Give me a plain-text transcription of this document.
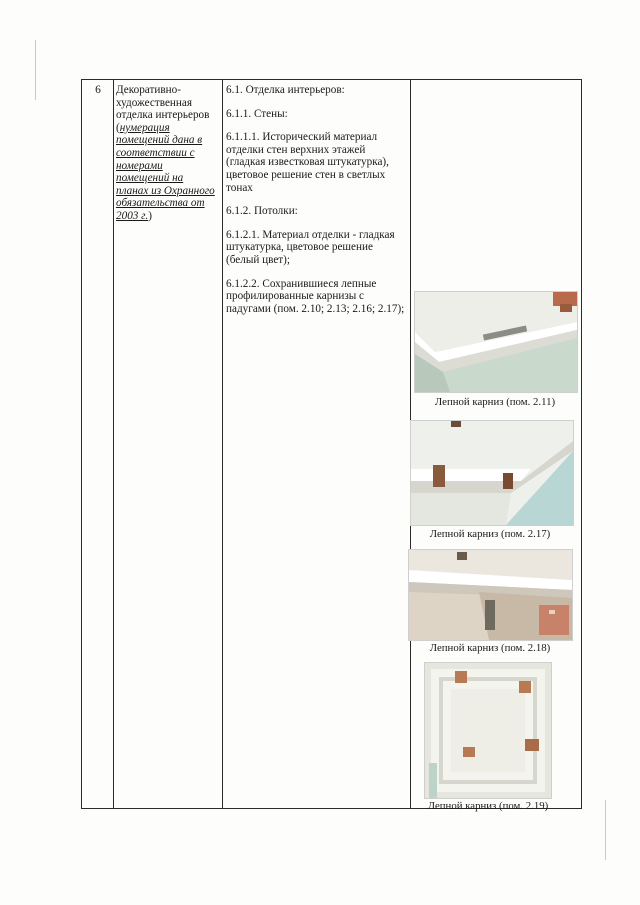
6	Декоративно-художественная отделка интерьеров (нумерация помещений дана в соответствии с номерами помещений на планах из Охранного обязательства от 2003 г.)

6.1. Отделка интерьеров:

6.1.1. Стены:

6.1.1.1. Исторический материал отделки стен верхних этажей (гладкая известковая штукатурка), цветовое решение стен в светлых тонах

6.1.2. Потолки:

6.1.2.1. Материал отделки - гладкая штукатурка, цветовое решение (белый цвет);

6.1.2.2. Сохранившиеся лепные профилированные карнизы с падугами (пом. 2.10; 2.13; 2.16; 2.17);

Лепной карниз (пом. 2.11)
Лепной карниз (пом. 2.17)
Лепной карниз (пом. 2.18)
Лепной карниз (пом. 2.19)
